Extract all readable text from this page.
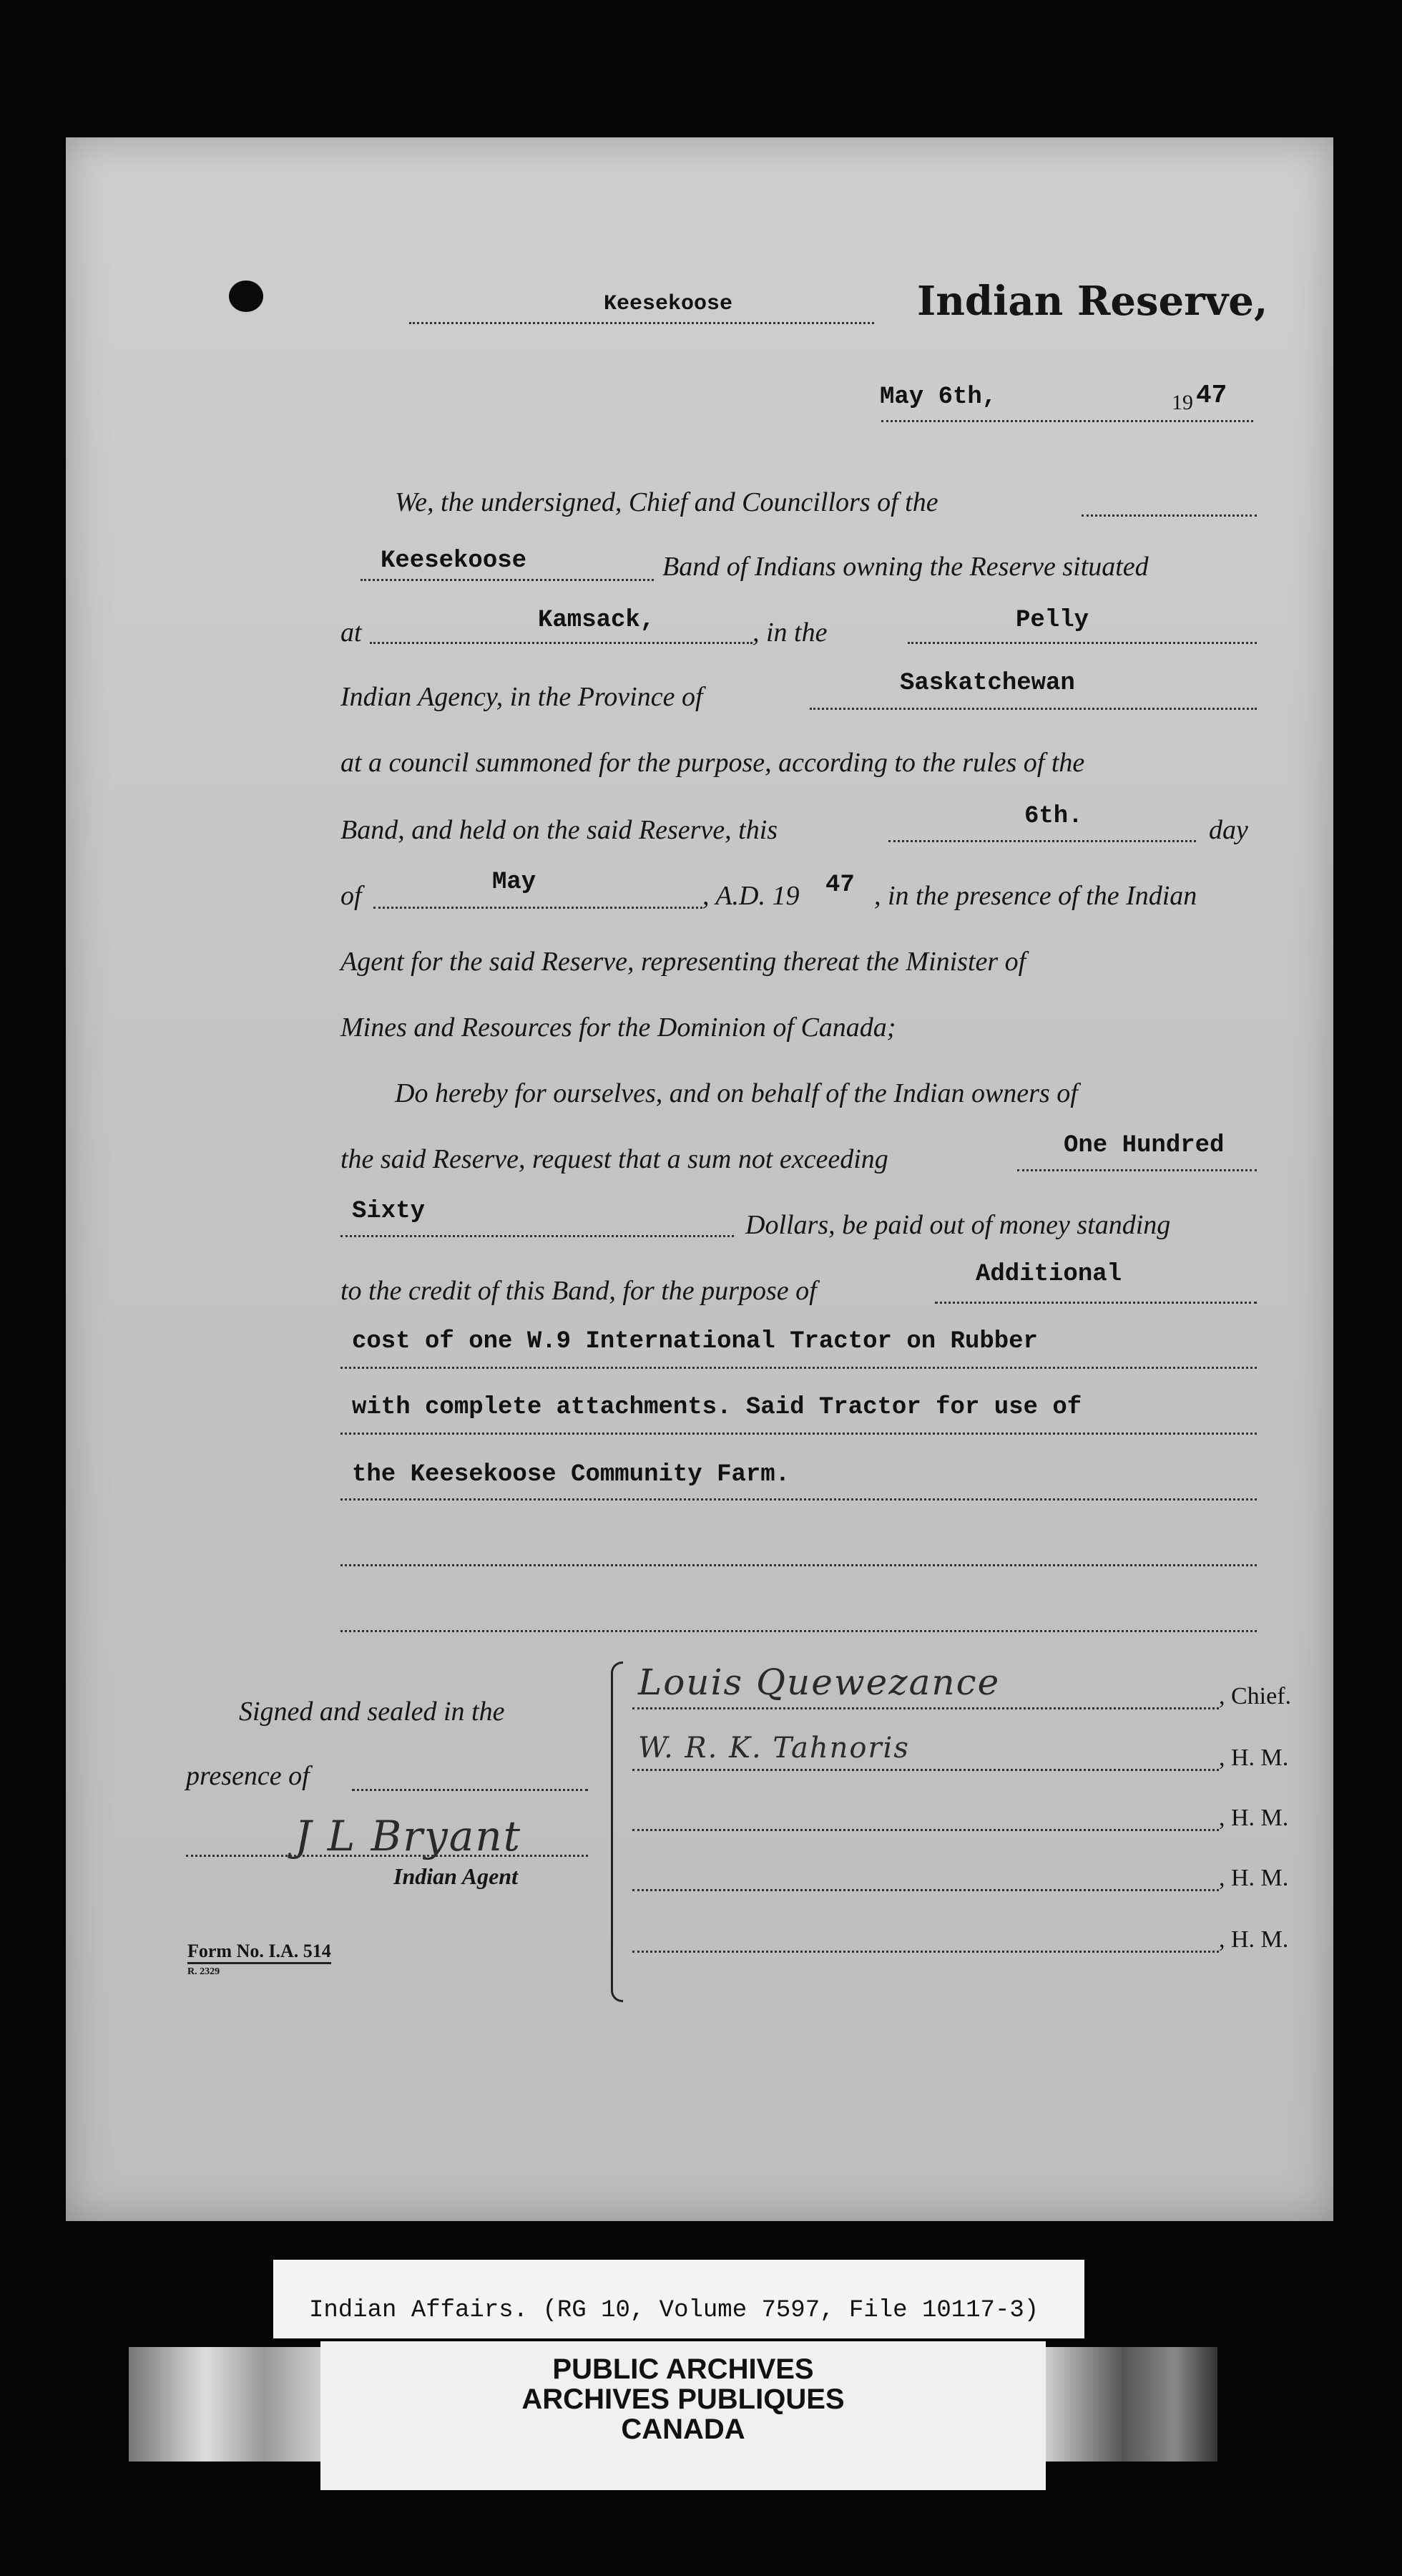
Keesekoose	Indian Reserve,
May 6th,	19 47
We, the undersigned, Chief and Councillors of the
Keesekoose	Band of Indians owning the Reserve situated
at	Kamsack,	, in the	Pelly
Indian Agency, in the Province of	Saskatchewan
at a council summoned for the purpose, according to the rules of the
Band, and held on the said Reserve, this	6th.	day
of	May	, A.D. 19 47 , in the presence of the Indian
Agent for the said Reserve, representing thereat the Minister of
Mines and Resources for the Dominion of Canada;
Do hereby for ourselves, and on behalf of the Indian owners of
the said Reserve, request that a sum not exceeding	One Hundred
Sixty	Dollars, be paid out of money standing
to the credit of this Band, for the purpose of
Additional
cost of one W.9 International Tractor on Rubber
with complete attachments. Said Tractor for use of
the Keesekoose Community Farm.
Signed and sealed in the
presence of
J L Bryant
Indian Agent
Louis Quewezance	, Chief.
W. R. K. Tahnoris	, H. M.
, H. M.
, H. M.
, H. M.
Form No. I.A. 514
R. 2329
Indian Affairs. (RG 10, Volume 7597, File 10117-3)
PUBLIC ARCHIVES
ARCHIVES PUBLIQUES
CANADA
